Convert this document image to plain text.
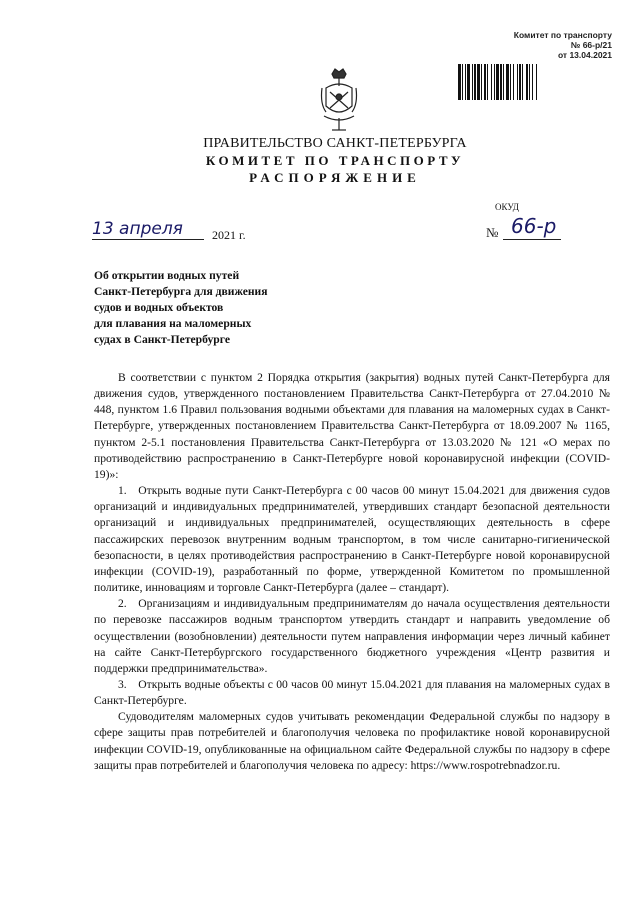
Комитет по транспорту
№ 66-р/21
от 13.04.2021
ПРАВИТЕЛЬСТВО САНКТ-ПЕТЕРБУРГА
КОМИТЕТ ПО ТРАНСПОРТУ
РАСПОРЯЖЕНИЕ
ОКУД
13 апреля 2021 г.	№ 66-р
Об открытии водных путей
Санкт-Петербурга для движения
судов и водных объектов
для плавания на маломерных
судах в Санкт-Петербурге

В соответствии с пунктом 2 Порядка открытия (закрытия) водных путей Санкт-Петербурга для движения судов, утвержденного постановлением Правительства Санкт-Петербурга от 27.04.2010 № 448, пунктом 1.6 Правил пользования водными объектами для плавания на маломерных судах в Санкт-Петербурге, утвержденных постановлением Правительства Санкт-Петербурга от 18.09.2007 № 1165, пунктом 2-5.1 постановления Правительства Санкт-Петербурга от 13.03.2020 № 121 «О мерах по противодействию распространению в Санкт-Петербурге новой коронавирусной инфекции (COVID-19)»:

1. Открыть водные пути Санкт-Петербурга с 00 часов 00 минут 15.04.2021 для движения судов организаций и индивидуальных предпринимателей, утвердивших стандарт безопасной деятельности организаций и индивидуальных предпринимателей, осуществляющих деятельность в сфере пассажирских перевозок внутренним водным транспортом, в том числе санитарно-гигиенической безопасности, в целях противодействия распространению в Санкт-Петербурге новой коронавирусной инфекции (COVID-19), разработанный по форме, утвержденной Комитетом по промышленной политике, инновациям и торговле Санкт-Петербурга (далее – стандарт).

2. Организациям и индивидуальным предпринимателям до начала осуществления деятельности по перевозке пассажиров водным транспортом утвердить стандарт и направить уведомление об осуществлении (возобновлении) деятельности путем направления информации через личный кабинет на сайте Санкт-Петербургского государственного бюджетного учреждения «Центр развития и поддержки предпринимательства».

3. Открыть водные объекты с 00 часов 00 минут 15.04.2021 для плавания на маломерных судах в Санкт-Петербурге.

Судоводителям маломерных судов учитывать рекомендации Федеральной службы по надзору в сфере защиты прав потребителей и благополучия человека по профилактике новой коронавирусной инфекции COVID-19, опубликованные на официальном сайте Федеральной службы по надзору в сфере защиты прав потребителей и благополучия человека по адресу: https://www.rospotrebnadzor.ru.
